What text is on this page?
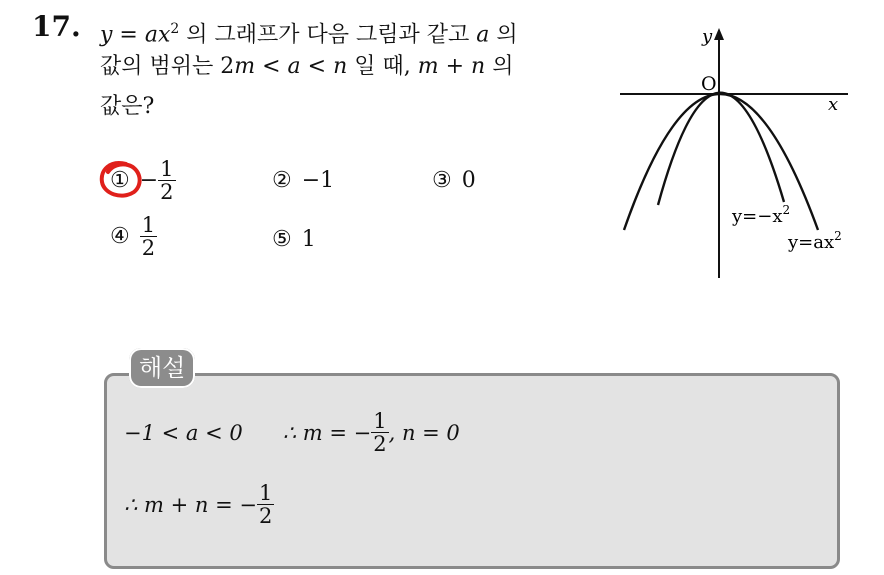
17. $y = ax^2$ 의 그래프가 다음 그림과 같고 a 의
값의 범위는 2m < a < n 일 때, m + n 의
값은?
① − $\frac{1}{2}$	② −1	③ 0
④ $\frac{1}{2}$	⑤ 1
y
x
O
$y=-x^2$
$y=ax^2$
해설
−1 < a < 0 ∴ m = − $\frac{1}{2}$ , n = 0
∴ m + n = − $\frac{1}{2}$
